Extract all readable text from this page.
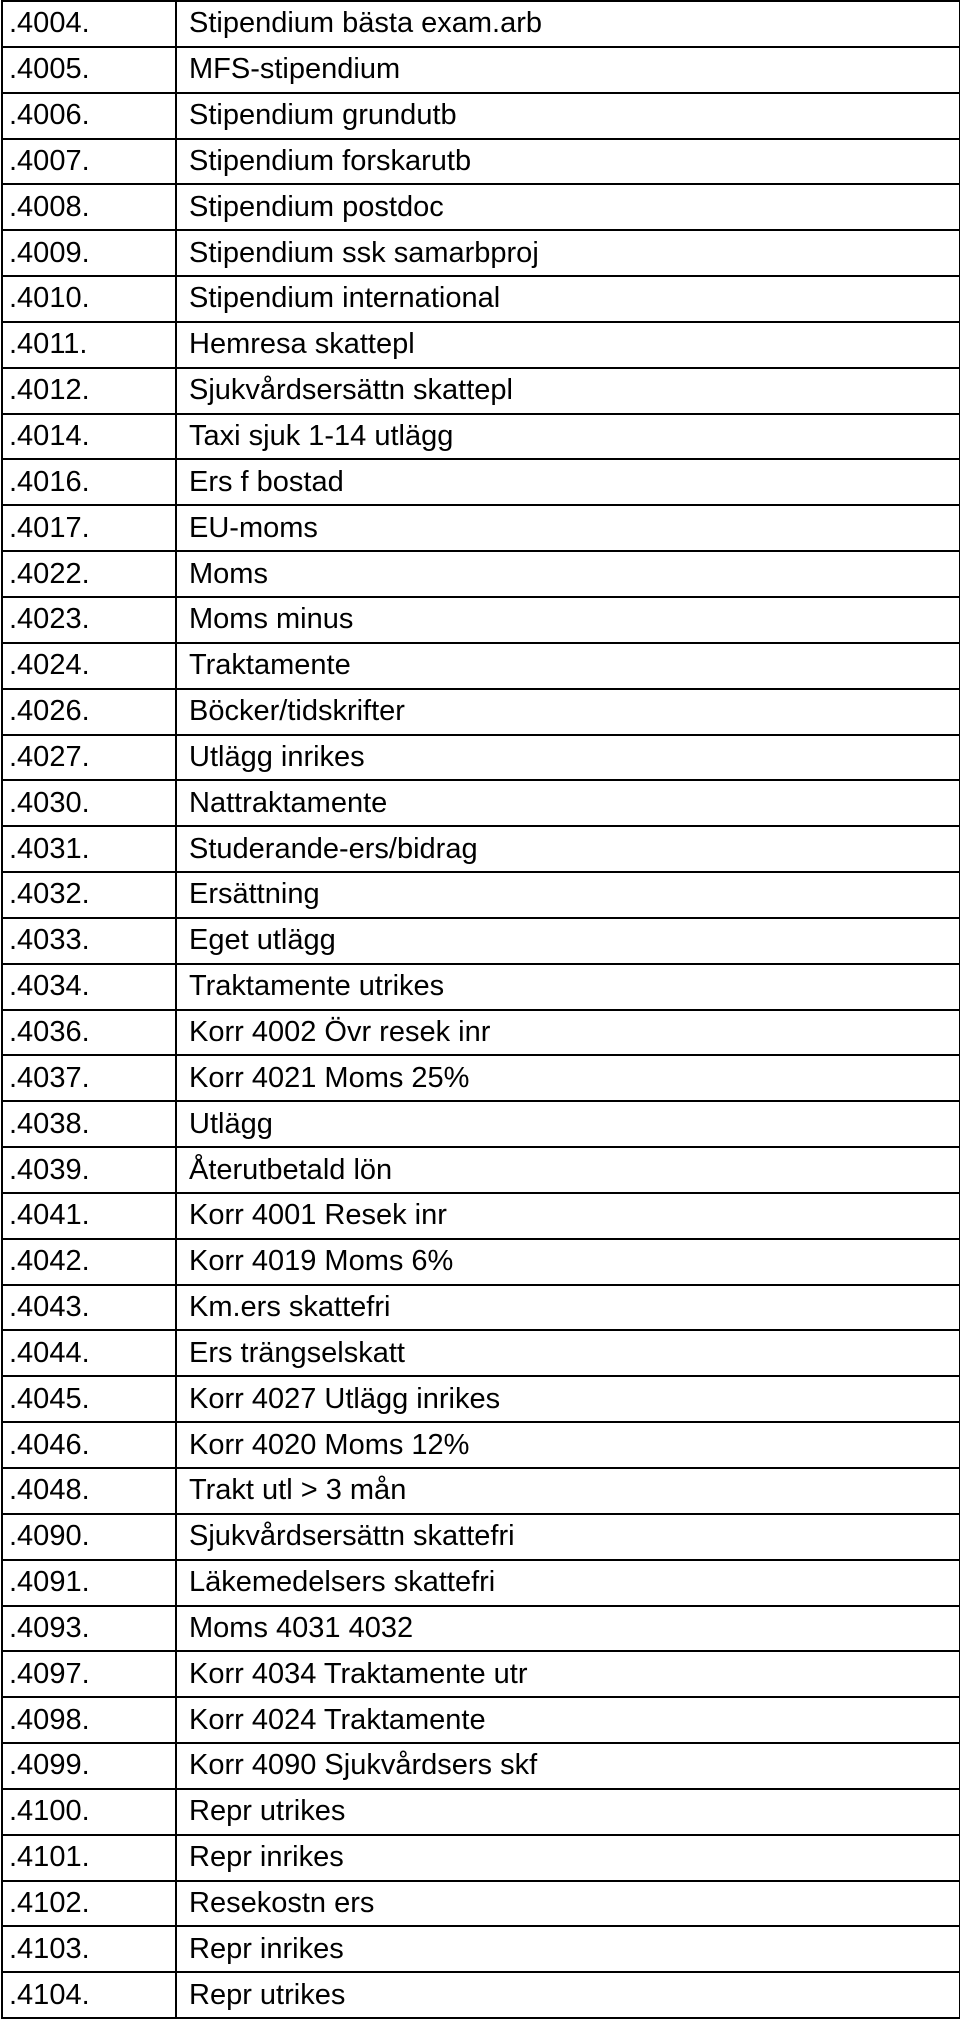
.4004.	Stipendium bästa exam.arb
.4005.	MFS-stipendium
.4006.	Stipendium grundutb
.4007.	Stipendium forskarutb
.4008.	Stipendium postdoc
.4009.	Stipendium ssk samarbproj
.4010.	Stipendium international
.4011.	Hemresa skattepl
.4012.	Sjukvårdsersättn skattepl
.4014.	Taxi sjuk 1-14 utlägg
.4016.	Ers f bostad
.4017.	EU-moms
.4022.	Moms
.4023.	Moms minus
.4024.	Traktamente
.4026.	Böcker/tidskrifter
.4027.	Utlägg inrikes
.4030.	Nattraktamente
.4031.	Studerande-ers/bidrag
.4032.	Ersättning
.4033.	Eget utlägg
.4034.	Traktamente utrikes
.4036.	Korr 4002 Övr resek inr
.4037.	Korr 4021 Moms 25%
.4038.	Utlägg
.4039.	Återutbetald lön
.4041.	Korr 4001 Resek inr
.4042.	Korr 4019 Moms 6%
.4043.	Km.ers skattefri
.4044.	Ers trängselskatt
.4045.	Korr 4027 Utlägg inrikes
.4046.	Korr 4020 Moms 12%
.4048.	Trakt utl > 3 mån
.4090.	Sjukvårdsersättn skattefri
.4091.	Läkemedelsers skattefri
.4093.	Moms 4031 4032
.4097.	Korr 4034 Traktamente utr
.4098.	Korr 4024 Traktamente
.4099.	Korr 4090 Sjukvårdsers skf
.4100.	Repr utrikes
.4101.	Repr inrikes
.4102.	Resekostn ers
.4103.	Repr inrikes
.4104.	Repr utrikes
